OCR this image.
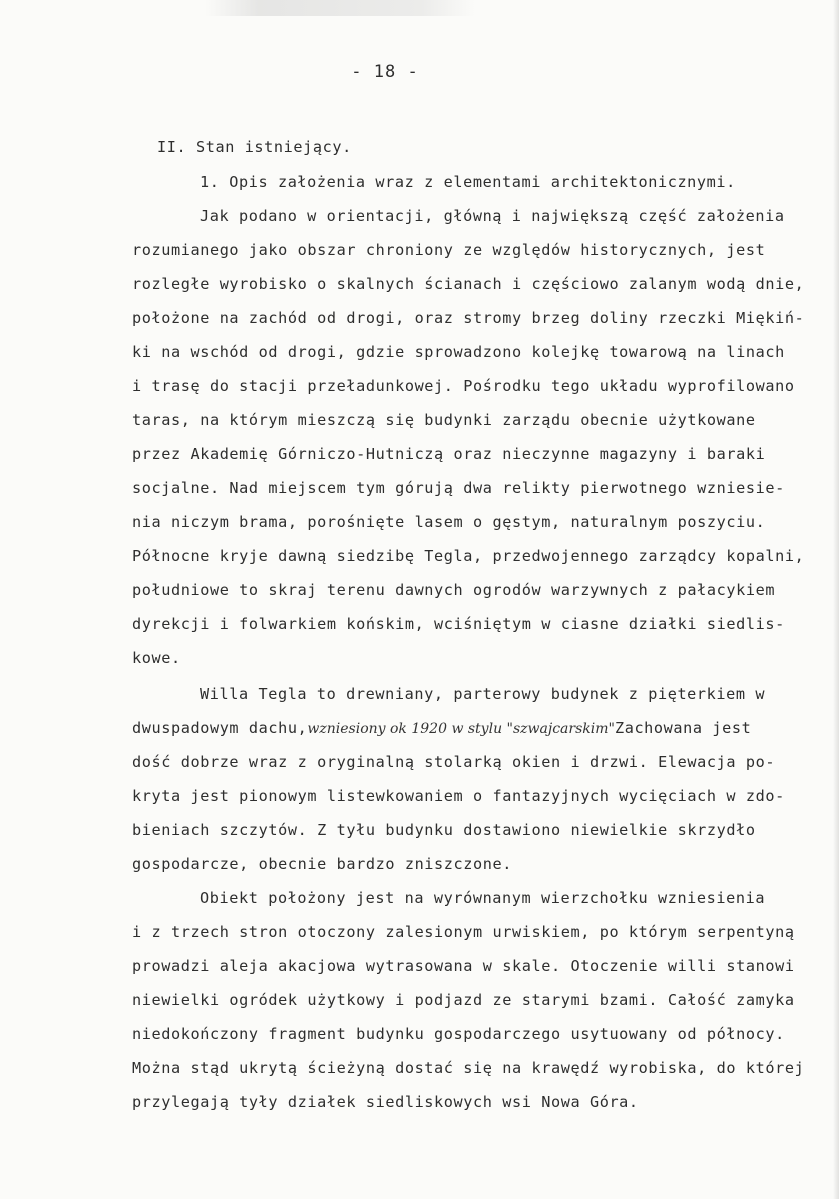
- 18 -
II. Stan istniejący.
1. Opis założenia wraz z elementami architektonicznymi.
Jak podano w orientacji, główną i największą część założenia
rozumianego jako obszar chroniony ze względów historycznych, jest
rozległe wyrobisko o skalnych ścianach i częściowo zalanym wodą dnie,
położone na zachód od drogi, oraz stromy brzeg doliny rzeczki Miękiń-
ki na wschód od drogi, gdzie sprowadzono kolejkę towarową na linach
i trasę do stacji przeładunkowej. Pośrodku tego układu wyprofilowano
taras, na którym mieszczą się budynki zarządu obecnie użytkowane
przez Akademię Górniczo-Hutniczą oraz nieczynne magazyny i baraki
socjalne. Nad miejscem tym górują dwa relikty pierwotnego wzniesie-
nia niczym brama, porośnięte lasem o gęstym, naturalnym poszyciu.
Północne kryje dawną siedzibę Tegla, przedwojennego zarządcy kopalni,
południowe to skraj terenu dawnych ogrodów warzywnych z pałacykiem
dyrekcji i folwarkiem końskim, wciśniętym w ciasne działki siedlis-
kowe.
Willa Tegla to drewniany, parterowy budynek z pięterkiem w
dwuspadowym dachu,wzniesiony ok 1920 w stylu "szwajcarskim"Zachowana jest
dość dobrze wraz z oryginalną stolarką okien i drzwi. Elewacja po-
kryta jest pionowym listewkowaniem o fantazyjnych wycięciach w zdo-
bieniach szczytów. Z tyłu budynku dostawiono niewielkie skrzydło
gospodarcze, obecnie bardzo zniszczone.
Obiekt położony jest na wyrównanym wierzchołku wzniesienia
i z trzech stron otoczony zalesionym urwiskiem, po którym serpentyną
prowadzi aleja akacjowa wytrasowana w skale. Otoczenie willi stanowi
niewielki ogródek użytkowy i podjazd ze starymi bzami. Całość zamyka
niedokończony fragment budynku gospodarczego usytuowany od północy.
Można stąd ukrytą ścieżyną dostać się na krawędź wyrobiska, do której
przylegają tyły działek siedliskowych wsi Nowa Góra.
